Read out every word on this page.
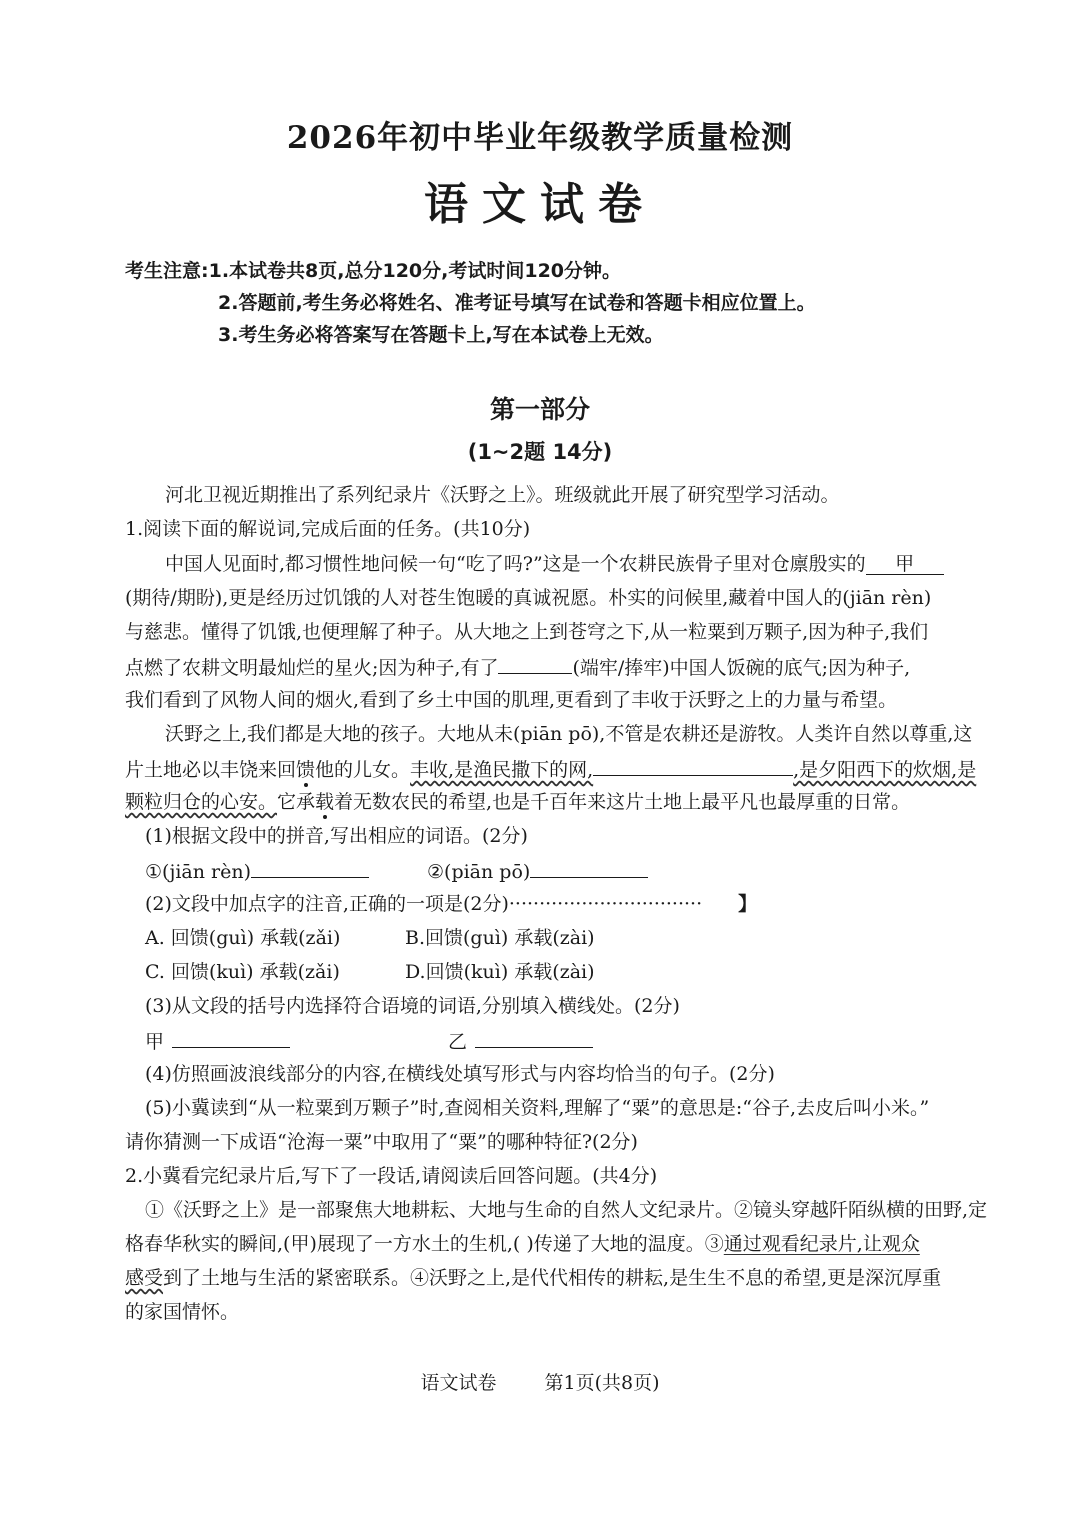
2026年初中毕业年级教学质量检测
语文试卷
考生注意:1.本试卷共8页,总分120分,考试时间120分钟。
2.答题前,考生务必将姓名、准考证号填写在试卷和答题卡相应位置上。
3.考生务必将答案写在答题卡上,写在本试卷上无效。
第一部分
(1~2题 14分)
河北卫视近期推出了系列纪录片《沃野之上》。班级就此开展了研究型学习活动。
1.阅读下面的解说词,完成后面的任务。(共10分)
中国人见面时,都习惯性地问候一句“吃了吗?”这是一个农耕民族骨子里对仓廪殷实的 甲
(期待/期盼),更是经历过饥饿的人对苍生饱暖的真诚祝愿。朴实的问候里,藏着中国人的(jiān rèn)
与慈悲。懂得了饥饿,也便理解了种子。从大地之上到苍穹之下,从一粒粟到万颗子,因为种子,我们
点燃了农耕文明最灿烂的星火;因为种子,有了	(端牢/捧牢)中国人饭碗的底气;因为种子,
我们看到了风物人间的烟火,看到了乡土中国的肌理,更看到了丰收于沃野之上的力量与希望。
沃野之上,我们都是大地的孩子。大地从未(piān pō),不管是农耕还是游牧。人类许自然以尊重,这
片土地必以丰饶来回馈他的儿女。丰收,是渔民撒下的网,	,是夕阳西下的炊烟,是
颗粒归仓的心安。它承载着无数农民的希望,也是千百年来这片土地上最平凡也最厚重的日常。
(1)根据文段中的拼音,写出相应的词语。(2分)
①(jiān rèn)	②(piān pō)
(2)文段中加点字的注音,正确的一项是(2分)································ 】
A. 回馈(guì) 承载(zǎi)	B.回馈(guì) 承载(zài)
C. 回馈(kuì) 承载(zǎi)	D.回馈(kuì) 承载(zài)
(3)从文段的括号内选择符合语境的词语,分别填入横线处。(2分)
甲	乙
(4)仿照画波浪线部分的内容,在横线处填写形式与内容均恰当的句子。(2分)
(5)小冀读到“从一粒粟到万颗子”时,查阅相关资料,理解了“粟”的意思是:“谷子,去皮后叫小米。”
请你猜测一下成语“沧海一粟”中取用了“粟”的哪种特征?(2分)
2.小冀看完纪录片后,写下了一段话,请阅读后回答问题。(共4分)
①《沃野之上》是一部聚焦大地耕耘、大地与生命的自然人文纪录片。②镜头穿越阡陌纵横的田野,定
格春华秋实的瞬间,(甲)展现了一方水土的生机,( )传递了大地的温度。③通过观看纪录片,让观众
感受到了土地与生活的紧密联系。④沃野之上,是代代相传的耕耘,是生生不息的希望,更是深沉厚重
的家国情怀。
语文试卷	第1页(共8页)
